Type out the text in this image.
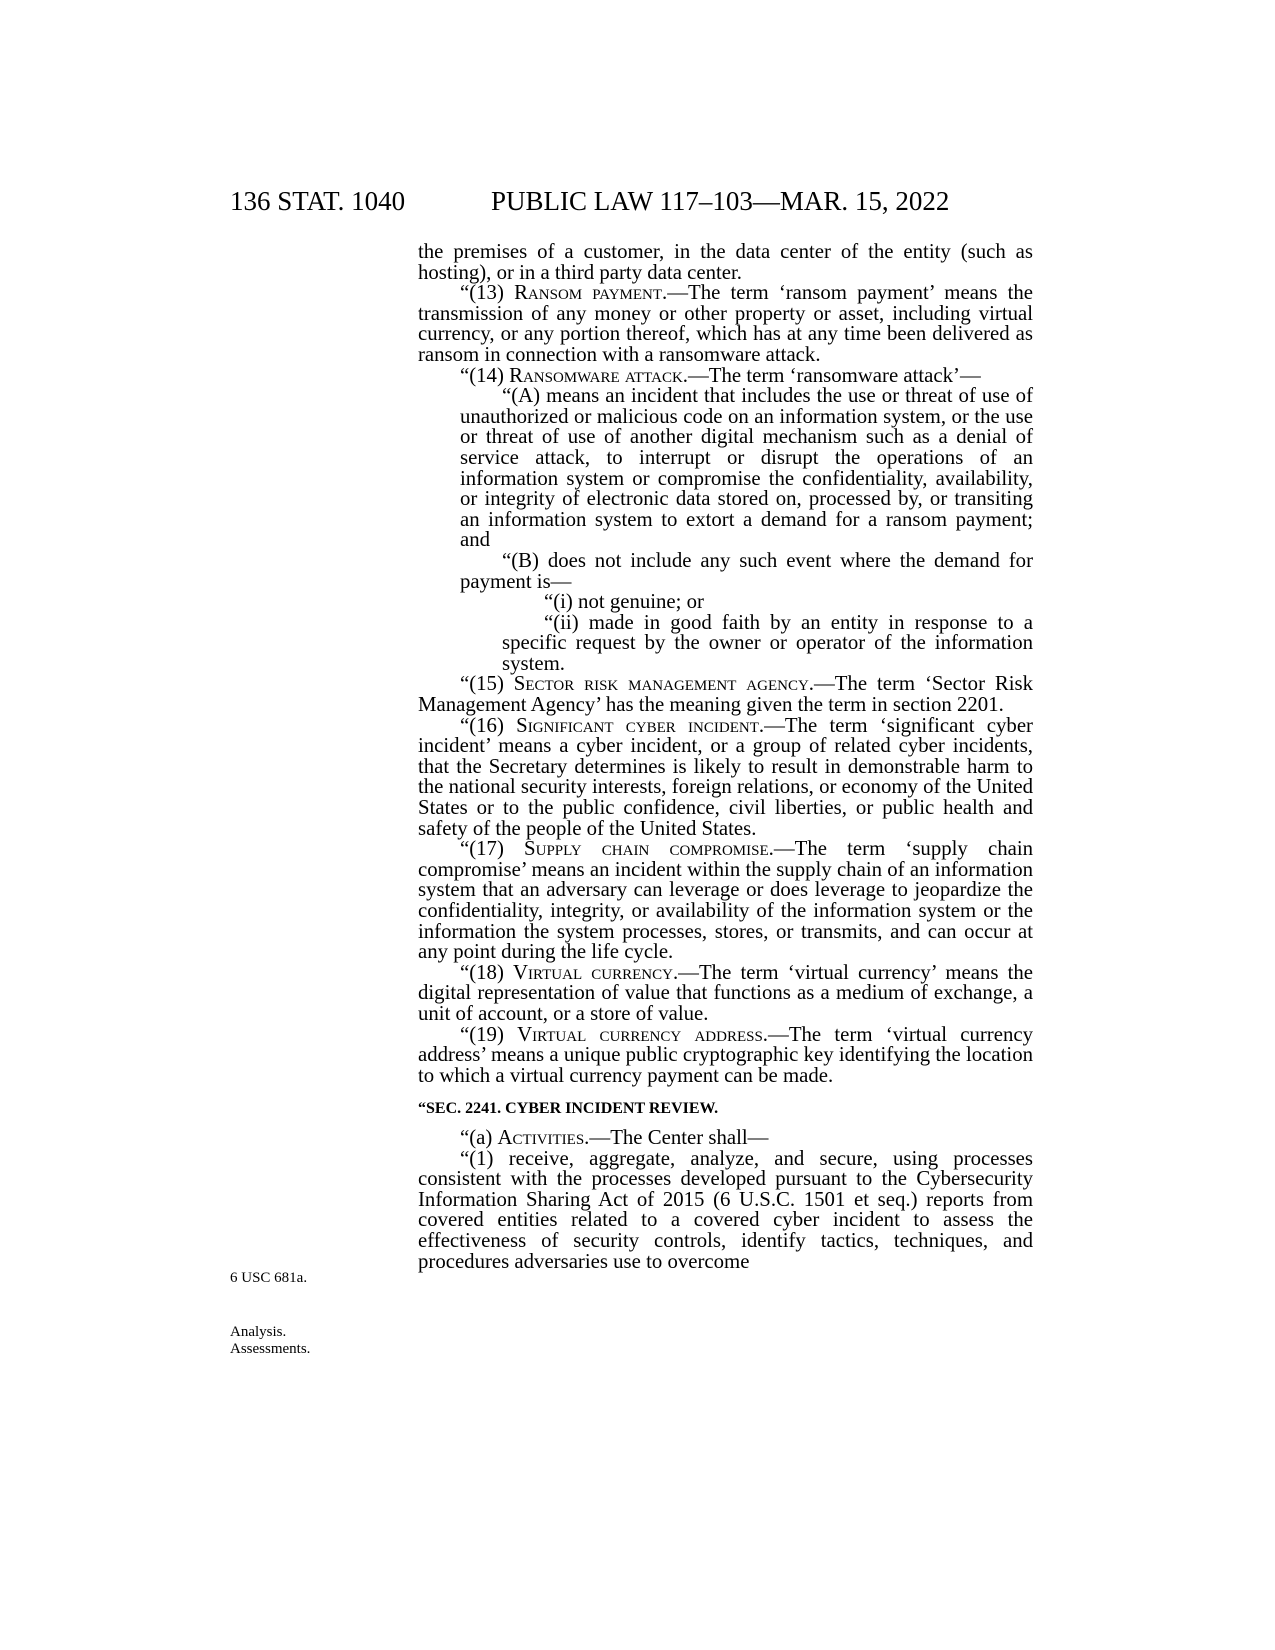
136 STAT. 1040	PUBLIC LAW 117–103—MAR. 15, 2022
6 USC 681a.
Analysis.
Assessments.

the premises of a customer, in the data center of the entity (such as hosting), or in a third party data center.

“(13) Ransom payment.—The term ‘ransom payment’ means the transmission of any money or other property or asset, including virtual currency, or any portion thereof, which has at any time been delivered as ransom in connection with a ransomware attack.

“(14) Ransomware attack.—The term ‘ransomware attack’—

“(A) means an incident that includes the use or threat of use of unauthorized or malicious code on an information system, or the use or threat of use of another digital mechanism such as a denial of service attack, to interrupt or disrupt the operations of an information system or compromise the confidentiality, availability, or integrity of electronic data stored on, processed by, or transiting an information system to extort a demand for a ransom payment; and

“(B) does not include any such event where the demand for payment is—

“(i) not genuine; or

“(ii) made in good faith by an entity in response to a specific request by the owner or operator of the information system.

“(15) Sector risk management agency.—The term ‘Sector Risk Management Agency’ has the meaning given the term in section 2201.

“(16) Significant cyber incident.—The term ‘significant cyber incident’ means a cyber incident, or a group of related cyber incidents, that the Secretary determines is likely to result in demonstrable harm to the national security interests, foreign relations, or economy of the United States or to the public confidence, civil liberties, or public health and safety of the people of the United States.

“(17) Supply chain compromise.—The term ‘supply chain compromise’ means an incident within the supply chain of an information system that an adversary can leverage or does leverage to jeopardize the confidentiality, integrity, or availability of the information system or the information the system processes, stores, or transmits, and can occur at any point during the life cycle.

“(18) Virtual currency.—The term ‘virtual currency’ means the digital representation of value that functions as a medium of exchange, a unit of account, or a store of value.

“(19) Virtual currency address.—The term ‘virtual currency address’ means a unique public cryptographic key identifying the location to which a virtual currency payment can be made.

“SEC. 2241. CYBER INCIDENT REVIEW.

“(a) Activities.—The Center shall—

“(1) receive, aggregate, analyze, and secure, using processes consistent with the processes developed pursuant to the Cybersecurity Information Sharing Act of 2015 (6 U.S.C. 1501 et seq.) reports from covered entities related to a covered cyber incident to assess the effectiveness of security controls, identify tactics, techniques, and procedures adversaries use to overcome
